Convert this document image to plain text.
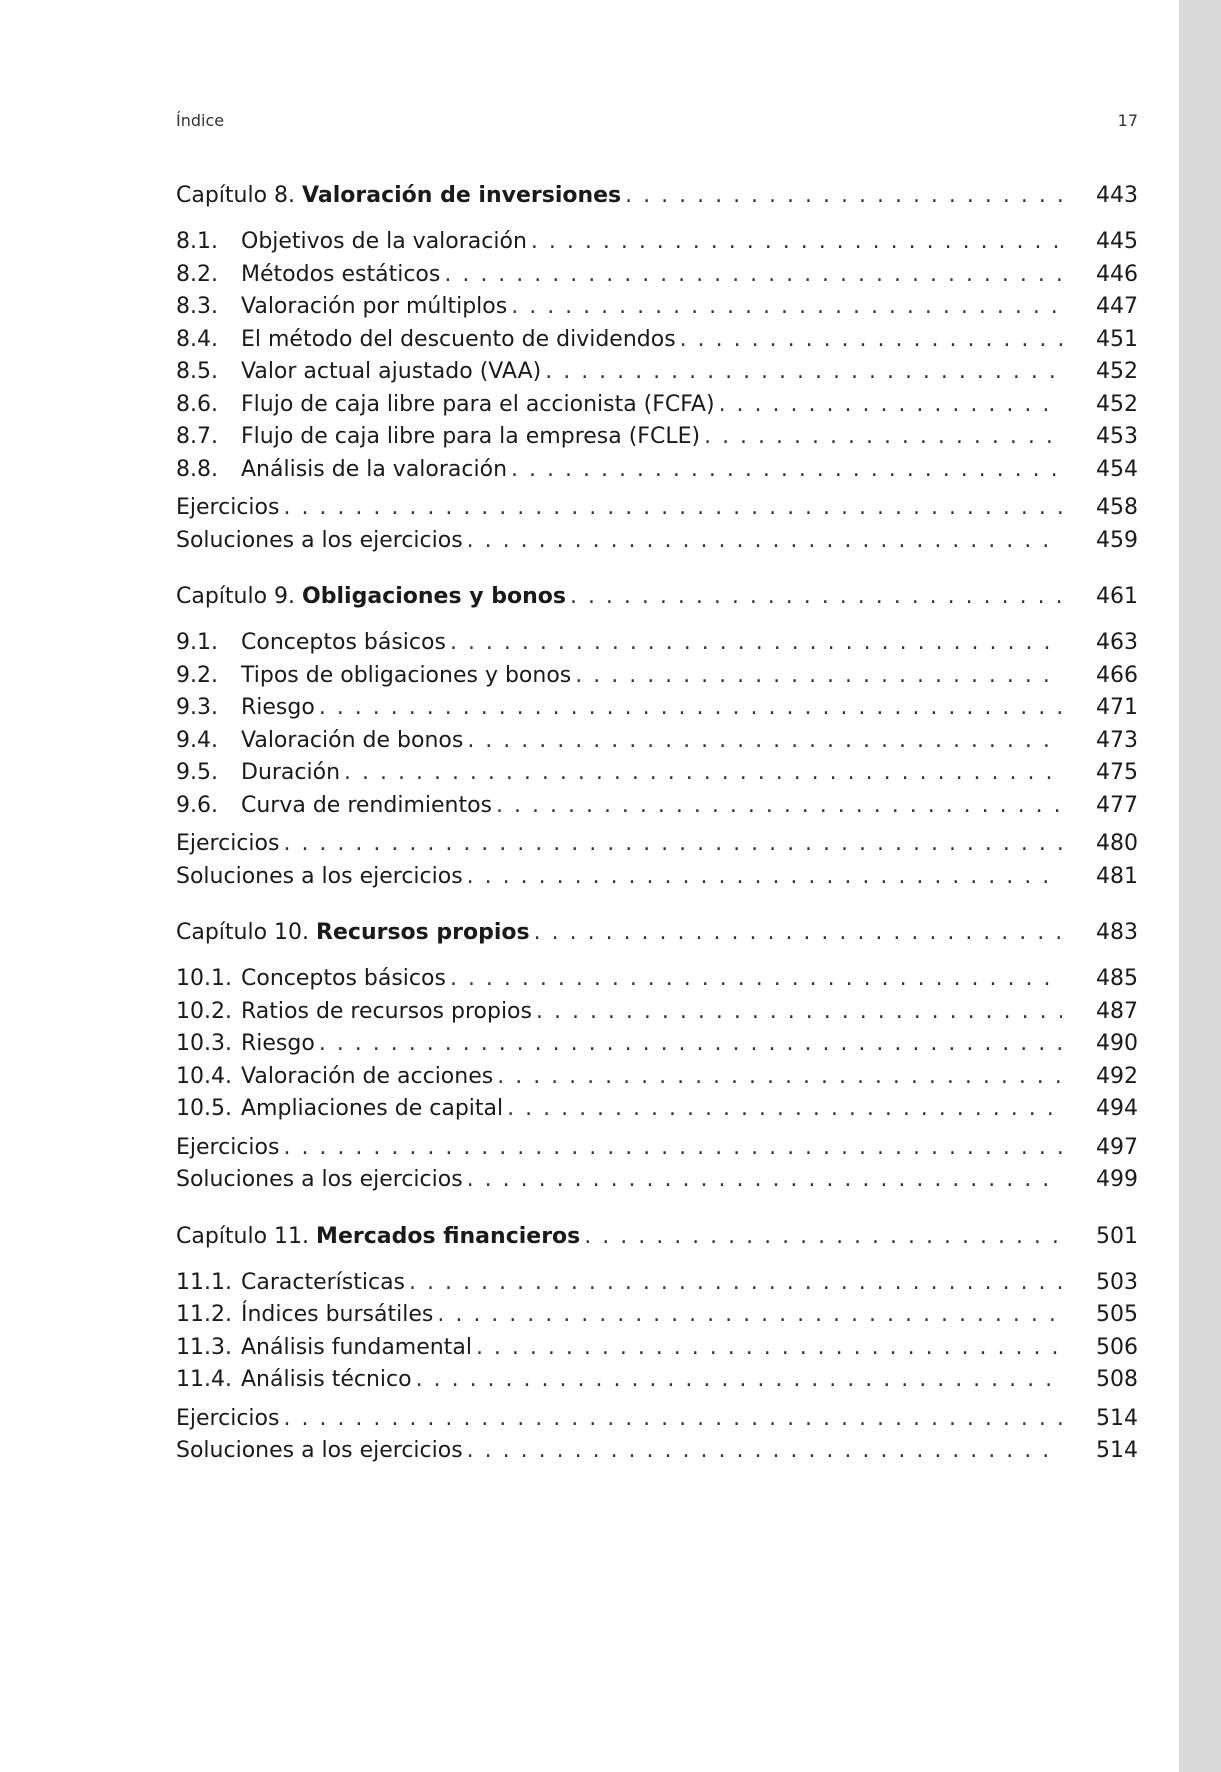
Índice	17
Capítulo 8. Valoración de inversiones . . .	443
8.1.	Objetivos de la valoración . . .	445
8.2.	Métodos estáticos . . .	446
8.3.	Valoración por múltiplos . . .	447
8.4.	El método del descuento de dividendos . . .	451
8.5.	Valor actual ajustado (VAA) . . .	452
8.6.	Flujo de caja libre para el accionista (FCFA) . . .	452
8.7.	Flujo de caja libre para la empresa (FCLE) . . .	453
8.8.	Análisis de la valoración . . .	454
Ejercicios . . .	458
Soluciones a los ejercicios . . .	459
Capítulo 9. Obligaciones y bonos . . .	461
9.1.	Conceptos básicos . . .	463
9.2.	Tipos de obligaciones y bonos . . .	466
9.3.	Riesgo . . .	471
9.4.	Valoración de bonos . . .	473
9.5.	Duración . . .	475
9.6.	Curva de rendimientos . . .	477
Ejercicios . . .	480
Soluciones a los ejercicios . . .	481
Capítulo 10. Recursos propios . . .	483
10.1. Conceptos básicos . . .	485
10.2. Ratios de recursos propios . . .	487
10.3. Riesgo . . .	490
10.4. Valoración de acciones . . .	492
10.5. Ampliaciones de capital . . .	494
Ejercicios . . .	497
Soluciones a los ejercicios . . .	499
Capítulo 11. Mercados financieros . . .	501
11.1. Características . . .	503
11.2. Índices bursátiles . . .	505
11.3. Análisis fundamental . . .	506
11.4. Análisis técnico . . .	508
Ejercicios . . .	514
Soluciones a los ejercicios . . .	514
